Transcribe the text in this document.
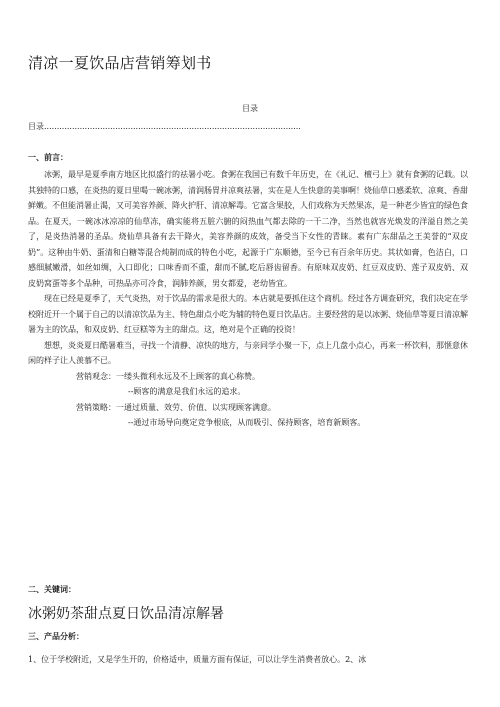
清凉一夏饮品店营销筹划书
目录
目录.....................................................................................................
一、前言：

冰粥，最早是夏季南方地区比拟盛行的祛暑小吃。食粥在我国已有数千年历史，在《礼记、檀弓上》就有食粥的记载。以其独特的口感，在炎热的夏日里喝一碗冰粥，清润肠胃并凉爽祛暑，实在是人生快意的美事啊！烧仙草口感柔软、凉爽、香甜鲜嫩。不但能消暑止渴，又可美容养颜、降火护肝、清凉解毒。它富含果胶，人们戏称为天然果冻，是一种老少皆宜的绿色食品。在夏天，一碗冰冰凉凉的仙草冻，确实能将五脏六腑的闷热血气都去除的一干二净，当然也就容光焕发的洋溢自然之美了，是炎热消暑的圣品。烧仙草具备有去干降火，美容养颜的成效，备受当下女性的青睐。素有广东甜品之王美誉的“双皮奶”。这种由牛奶、蛋清和白糖等混合炖制而成的特色小吃，起源于广东顺德，至今已有百余年历史。其状如膏，色洁白，口感细腻嫩滑，如丝如绸，入口即化；口味香而不重，甜而不腻,吃后唇齿留香。有原味双皮奶、红豆双皮奶、莲子双皮奶、双皮奶窝蛋等多个品种，可热品亦可冷食，润肺养颜，男女都爱，老幼皆宜。

现在已经是夏季了，天气炎热，对于饮品的需求是很大的。本店就是要抓住这个商机。经过各方调查研究，我们决定在学校附近开一个属于自己的以清凉饮品为主、特色甜点小吃为辅的特色夏日饮品店。主要经营的是以冰粥、烧仙草等夏日清凉解暑为主的饮品，和双皮奶、红豆糕等为主的甜点。这，绝对是个正确的投资！

想想，炎炎夏日酷暑难当，寻找一个清静、凉快的地方，与亲同学小聚一下，点上几盘小点心，再来一杯饮料，那惬意休闲的样子让人羡慕不已。

营销观念：一缕头微利永远及不上顾客的真心称赞。

--顾客的满意是我们永远的追求。

营销策略：一通过质量、效劳、价值、以实现顾客满意。

--通过市场导向奠定竞争根底，从而吸引、保持顾客，培育新顾客。

二、关键词：
冰粥奶茶甜点夏日饮品清凉解暑
三、产品分析：
1、位于学校附近，又是学生开的，价格适中，质量方面有保证，可以让学生消费者放心。2、冰
